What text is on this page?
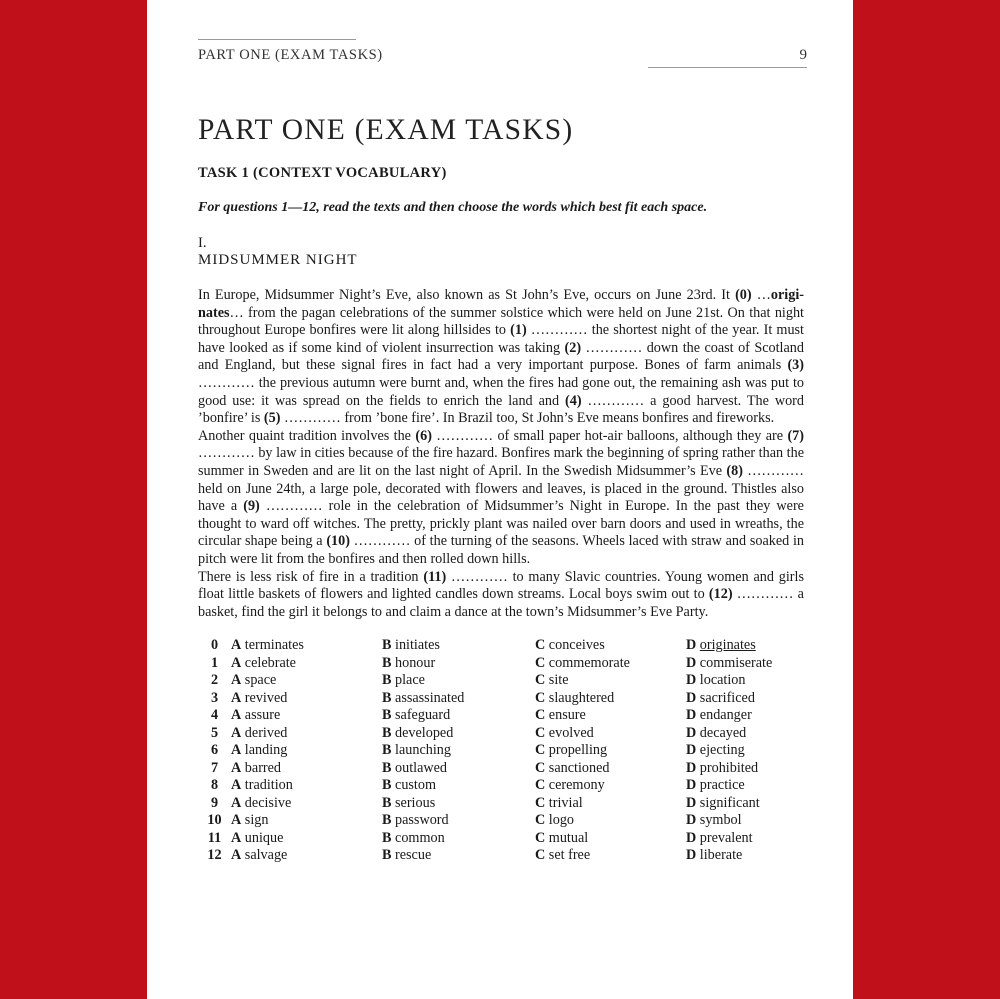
PART ONE (EXAM TASKS)	9
PART ONE (EXAM TASKS)
TASK 1 (CONTEXT VOCABULARY)
For questions 1—12, read the texts and then choose the words which best fit each space.
I.
MIDSUMMER NIGHT
In Europe, Midsummer Night’s Eve, also known as St John’s Eve, occurs on June 23rd. It (0) …originates… from the pagan celebrations of the summer solstice which were held on June 21st. On that night throughout Europe bonfires were lit along hillsides to (1) ………… the shortest night of the year. It must have looked as if some kind of violent insurrection was taking (2) ………… down the coast of Scotland and England, but these signal fires in fact had a very important purpose. Bones of farm animals (3) ………… the previous autumn were burnt and, when the fires had gone out, the remaining ash was put to good use: it was spread on the fields to enrich the land and (4) ………… a good harvest. The word ’bonfire’ is (5) ………… from ’bone fire’. In Brazil too, St John’s Eve means bonfires and fireworks.
Another quaint tradition involves the (6) ………… of small paper hot-air balloons, although they are (7) ………… by law in cities because of the fire hazard. Bonfires mark the beginning of spring rather than the summer in Sweden and are lit on the last night of April. In the Swedish Midsummer’s Eve (8) ………… held on June 24th, a large pole, decorated with flowers and leaves, is placed in the ground. Thistles also have a (9) ………… role in the celebration of Midsummer’s Night in Europe. In the past they were thought to ward off witches. The pretty, prickly plant was nailed over barn doors and used in wreaths, the circular shape being a (10) ………… of the turning of the seasons. Wheels laced with straw and soaked in pitch were lit from the bonfires and then rolled down hills.
There is less risk of fire in a tradition (11) ………… to many Slavic countries. Young women and girls float little baskets of flowers and lighted candles down streams. Local boys swim out to (12) ………… a basket, find the girl it belongs to and claim a dance at the town’s Midsummer’s Eve Party.
0	A terminates	B initiates	C conceives	D originates
1	A celebrate	B honour	C commemorate	D commiserate
2	A space	B place	C site	D location
3	A revived	B assassinated	C slaughtered	D sacrificed
4	A assure	B safeguard	C ensure	D endanger
5	A derived	B developed	C evolved	D decayed
6	A landing	B launching	C propelling	D ejecting
7	A barred	B outlawed	C sanctioned	D prohibited
8	A tradition	B custom	C ceremony	D practice
9	A decisive	B serious	C trivial	D significant
10	A sign	B password	C logo	D symbol
11	A unique	B common	C mutual	D prevalent
12	A salvage	B rescue	C set free	D liberate
